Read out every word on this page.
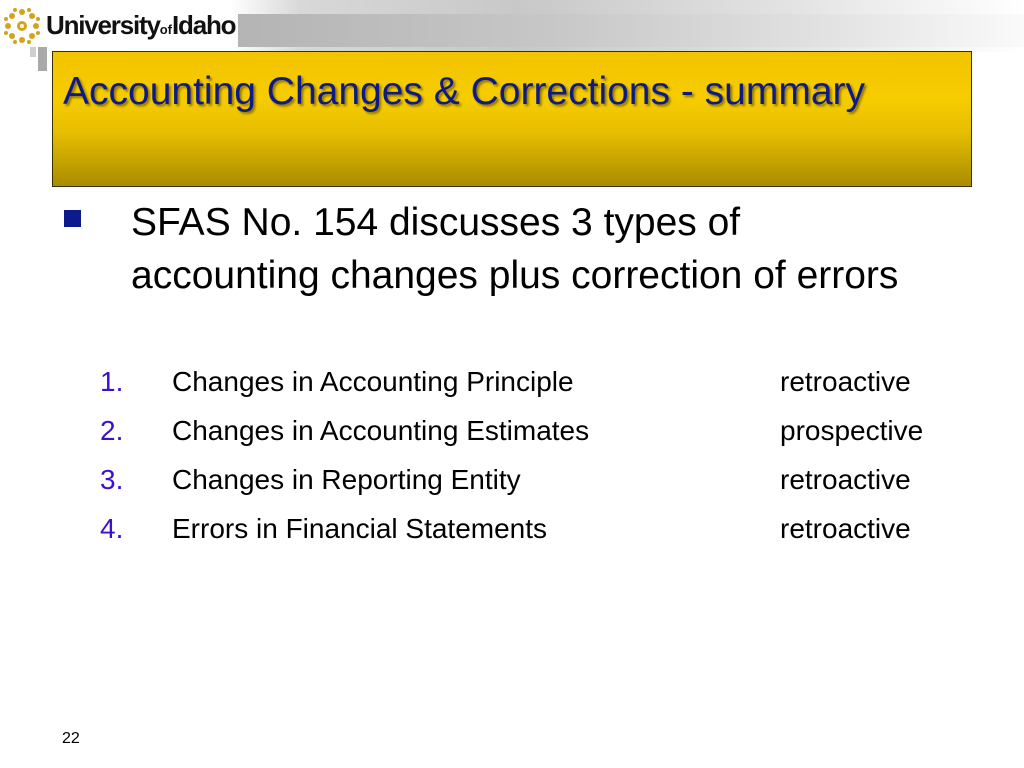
UniversityofIdaho
Accounting Changes & Corrections - summary
SFAS No. 154 discusses 3 types of accounting changes plus correction of errors
1. Changes in Accounting Principle	retroactive
2. Changes in Accounting Estimates	prospective
3. Changes in Reporting Entity	retroactive
4. Errors in Financial Statements	retroactive
22
